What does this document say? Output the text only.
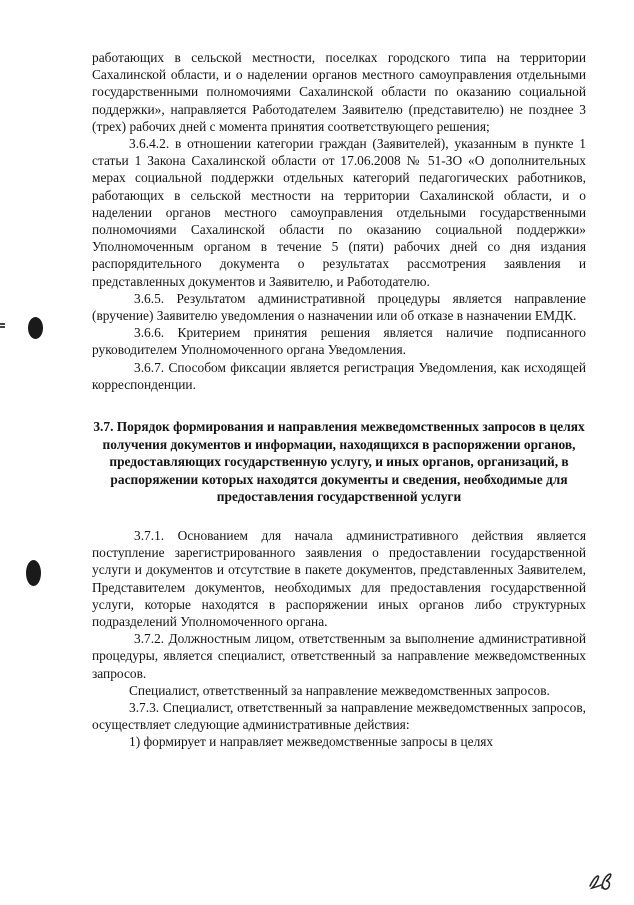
работающих в сельской местности, поселках городского типа на территории Сахалинской области, и о наделении органов местного самоуправления отдельными государственными полномочиями Сахалинской области по оказанию социальной поддержки», направляется Работодателем Заявителю (представителю) не позднее 3 (трех) рабочих дней с момента принятия соответствующего решения;

3.6.4.2. в отношении категории граждан (Заявителей), указанным в пункте 1 статьи 1 Закона Сахалинской области от 17.06.2008 № 51-ЗО «О дополнительных мерах социальной поддержки отдельных категорий педагогических работников, работающих в сельской местности на территории Сахалинской области, и о наделении органов местного самоуправления отдельными государственными полномочиями Сахалинской области по оказанию социальной поддержки» Уполномоченным органом в течение 5 (пяти) рабочих дней со дня издания распорядительного документа о результатах рассмотрения заявления и представленных документов и Заявителю, и Работодателю.

3.6.5. Результатом административной процедуры является направление (вручение) Заявителю уведомления о назначении или об отказе в назначении ЕМДК.

3.6.6. Критерием принятия решения является наличие подписанного руководителем Уполномоченного органа Уведомления.

3.6.7. Способом фиксации является регистрация Уведомления, как исходящей корреспонденции.

3.7. Порядок формирования и направления межведомственных запросов в целях получения документов и информации, находящихся в распоряжении органов, предоставляющих государственную услугу, и иных органов, организаций, в распоряжении которых находятся документы и сведения, необходимые для предоставления государственной услуги

3.7.1. Основанием для начала административного действия является поступление зарегистрированного заявления о предоставлении государственной услуги и документов и отсутствие в пакете документов, представленных Заявителем, Представителем документов, необходимых для предоставления государственной услуги, которые находятся в распоряжении иных органов либо структурных подразделений Уполномоченного органа.

3.7.2. Должностным лицом, ответственным за выполнение административной процедуры, является специалист, ответственный за направление межведомственных запросов.

Специалист, ответственный за направление межведомственных запросов.

3.7.3. Специалист, ответственный за направление межведомственных запросов, осуществляет следующие административные действия:

1) формирует и направляет межведомственные запросы в целях
